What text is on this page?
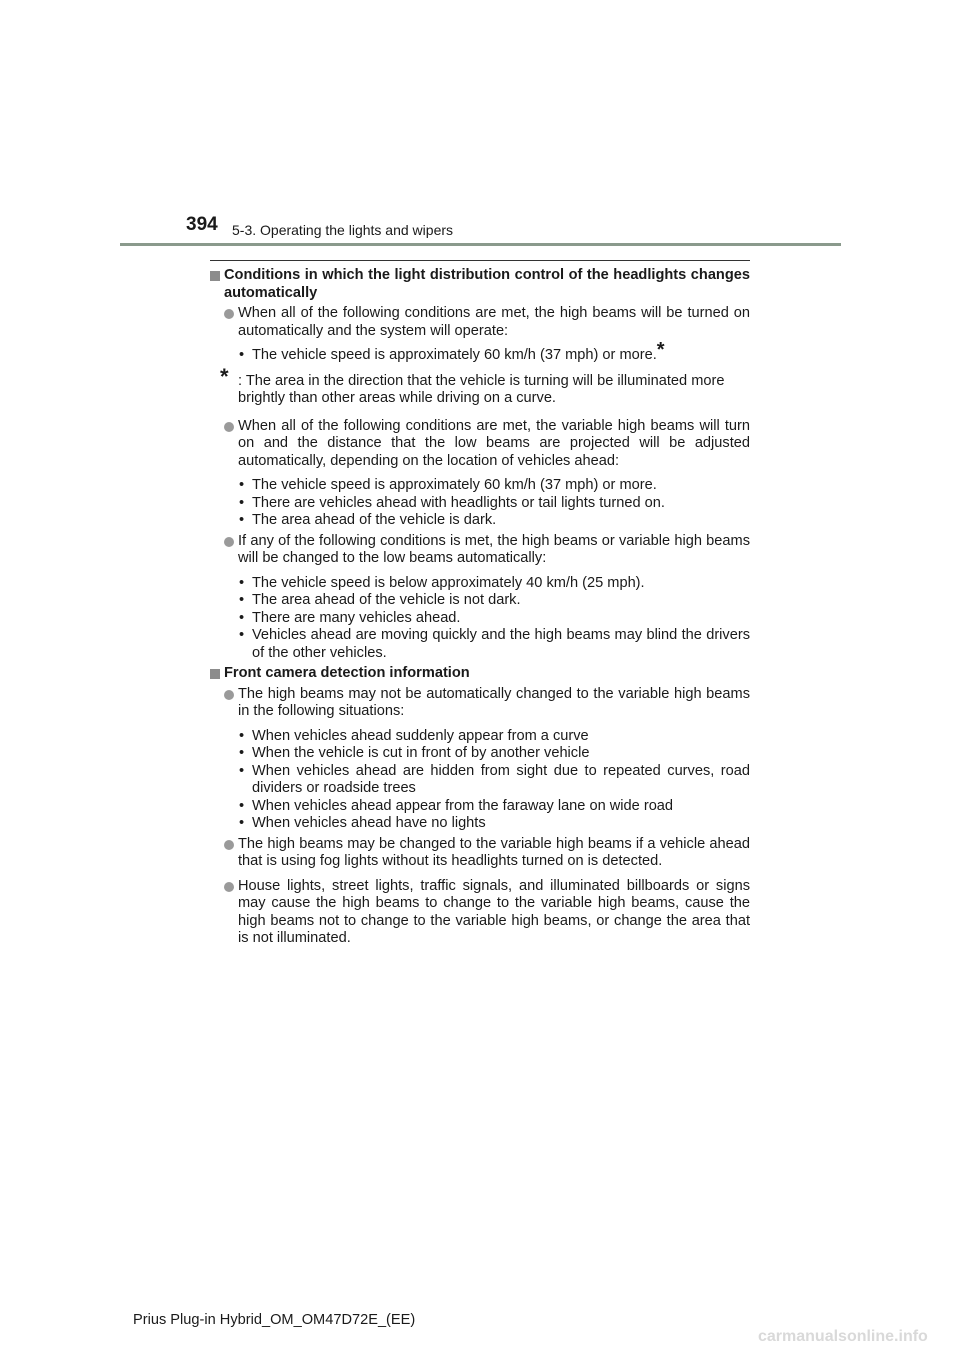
394 5-3. Operating the lights and wipers
Conditions in which the light distribution control of the headlights changes automatically
When all of the following conditions are met, the high beams will be turned on automatically and the system will operate:
• The vehicle speed is approximately 60 km/h (37 mph) or more.*
* : The area in the direction that the vehicle is turning will be illuminated more brightly than other areas while driving on a curve.
When all of the following conditions are met, the variable high beams will turn on and the distance that the low beams are projected will be adjusted automatically, depending on the location of vehicles ahead:
• The vehicle speed is approximately 60 km/h (37 mph) or more.
• There are vehicles ahead with headlights or tail lights turned on.
• The area ahead of the vehicle is dark.
If any of the following conditions is met, the high beams or variable high beams will be changed to the low beams automatically:
• The vehicle speed is below approximately 40 km/h (25 mph).
• The area ahead of the vehicle is not dark.
• There are many vehicles ahead.
• Vehicles ahead are moving quickly and the high beams may blind the drivers of the other vehicles.
Front camera detection information
The high beams may not be automatically changed to the variable high beams in the following situations:
• When vehicles ahead suddenly appear from a curve
• When the vehicle is cut in front of by another vehicle
• When vehicles ahead are hidden from sight due to repeated curves, road dividers or roadside trees
• When vehicles ahead appear from the faraway lane on wide road
• When vehicles ahead have no lights
The high beams may be changed to the variable high beams if a vehicle ahead that is using fog lights without its headlights turned on is detected.
House lights, street lights, traffic signals, and illuminated billboards or signs may cause the high beams to change to the variable high beams, cause the high beams not to change to the variable high beams, or change the area that is not illuminated.
Prius Plug-in Hybrid_OM_OM47D72E_(EE)
carmanualsonline.info
